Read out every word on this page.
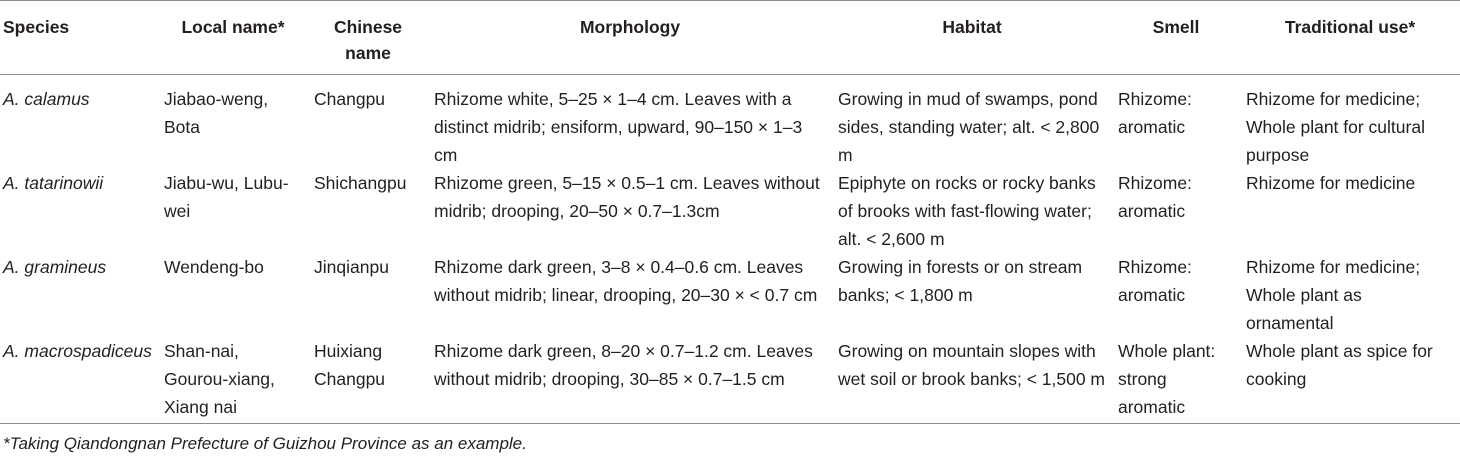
Species	Local name*	Chinese name	Morphology	Habitat	Smell	Traditional use*
A. calamus	Jiabao-weng, Bota	Changpu	Rhizome white, 5–25 × 1–4 cm. Leaves with a distinct midrib; ensiform, upward, 90–150 × 1–3 cm	Growing in mud of swamps, pond sides, standing water; alt. < 2,800 m	Rhizome: aromatic	Rhizome for medicine; Whole plant for cultural purpose
A. tatarinowii	Jiabu-wu, Lubu-wei	Shichangpu	Rhizome green, 5–15 × 0.5–1 cm. Leaves without midrib; drooping, 20–50 × 0.7–1.3cm	Epiphyte on rocks or rocky banks of brooks with fast-flowing water; alt. < 2,600 m	Rhizome: aromatic	Rhizome for medicine
A. gramineus	Wendeng-bo	Jinqianpu	Rhizome dark green, 3–8 × 0.4–0.6 cm. Leaves without midrib; linear, drooping, 20–30 × < 0.7 cm	Growing in forests or on stream banks; < 1,800 m	Rhizome: aromatic	Rhizome for medicine; Whole plant as ornamental
A. macrospadiceus	Shan-nai, Gourou-xiang, Xiang nai	Huixiang Changpu	Rhizome dark green, 8–20 × 0.7–1.2 cm. Leaves without midrib; drooping, 30–85 × 0.7–1.5 cm	Growing on mountain slopes with wet soil or brook banks; < 1,500 m	Whole plant: strong aromatic	Whole plant as spice for cooking
*Taking Qiandongnan Prefecture of Guizhou Province as an example.
